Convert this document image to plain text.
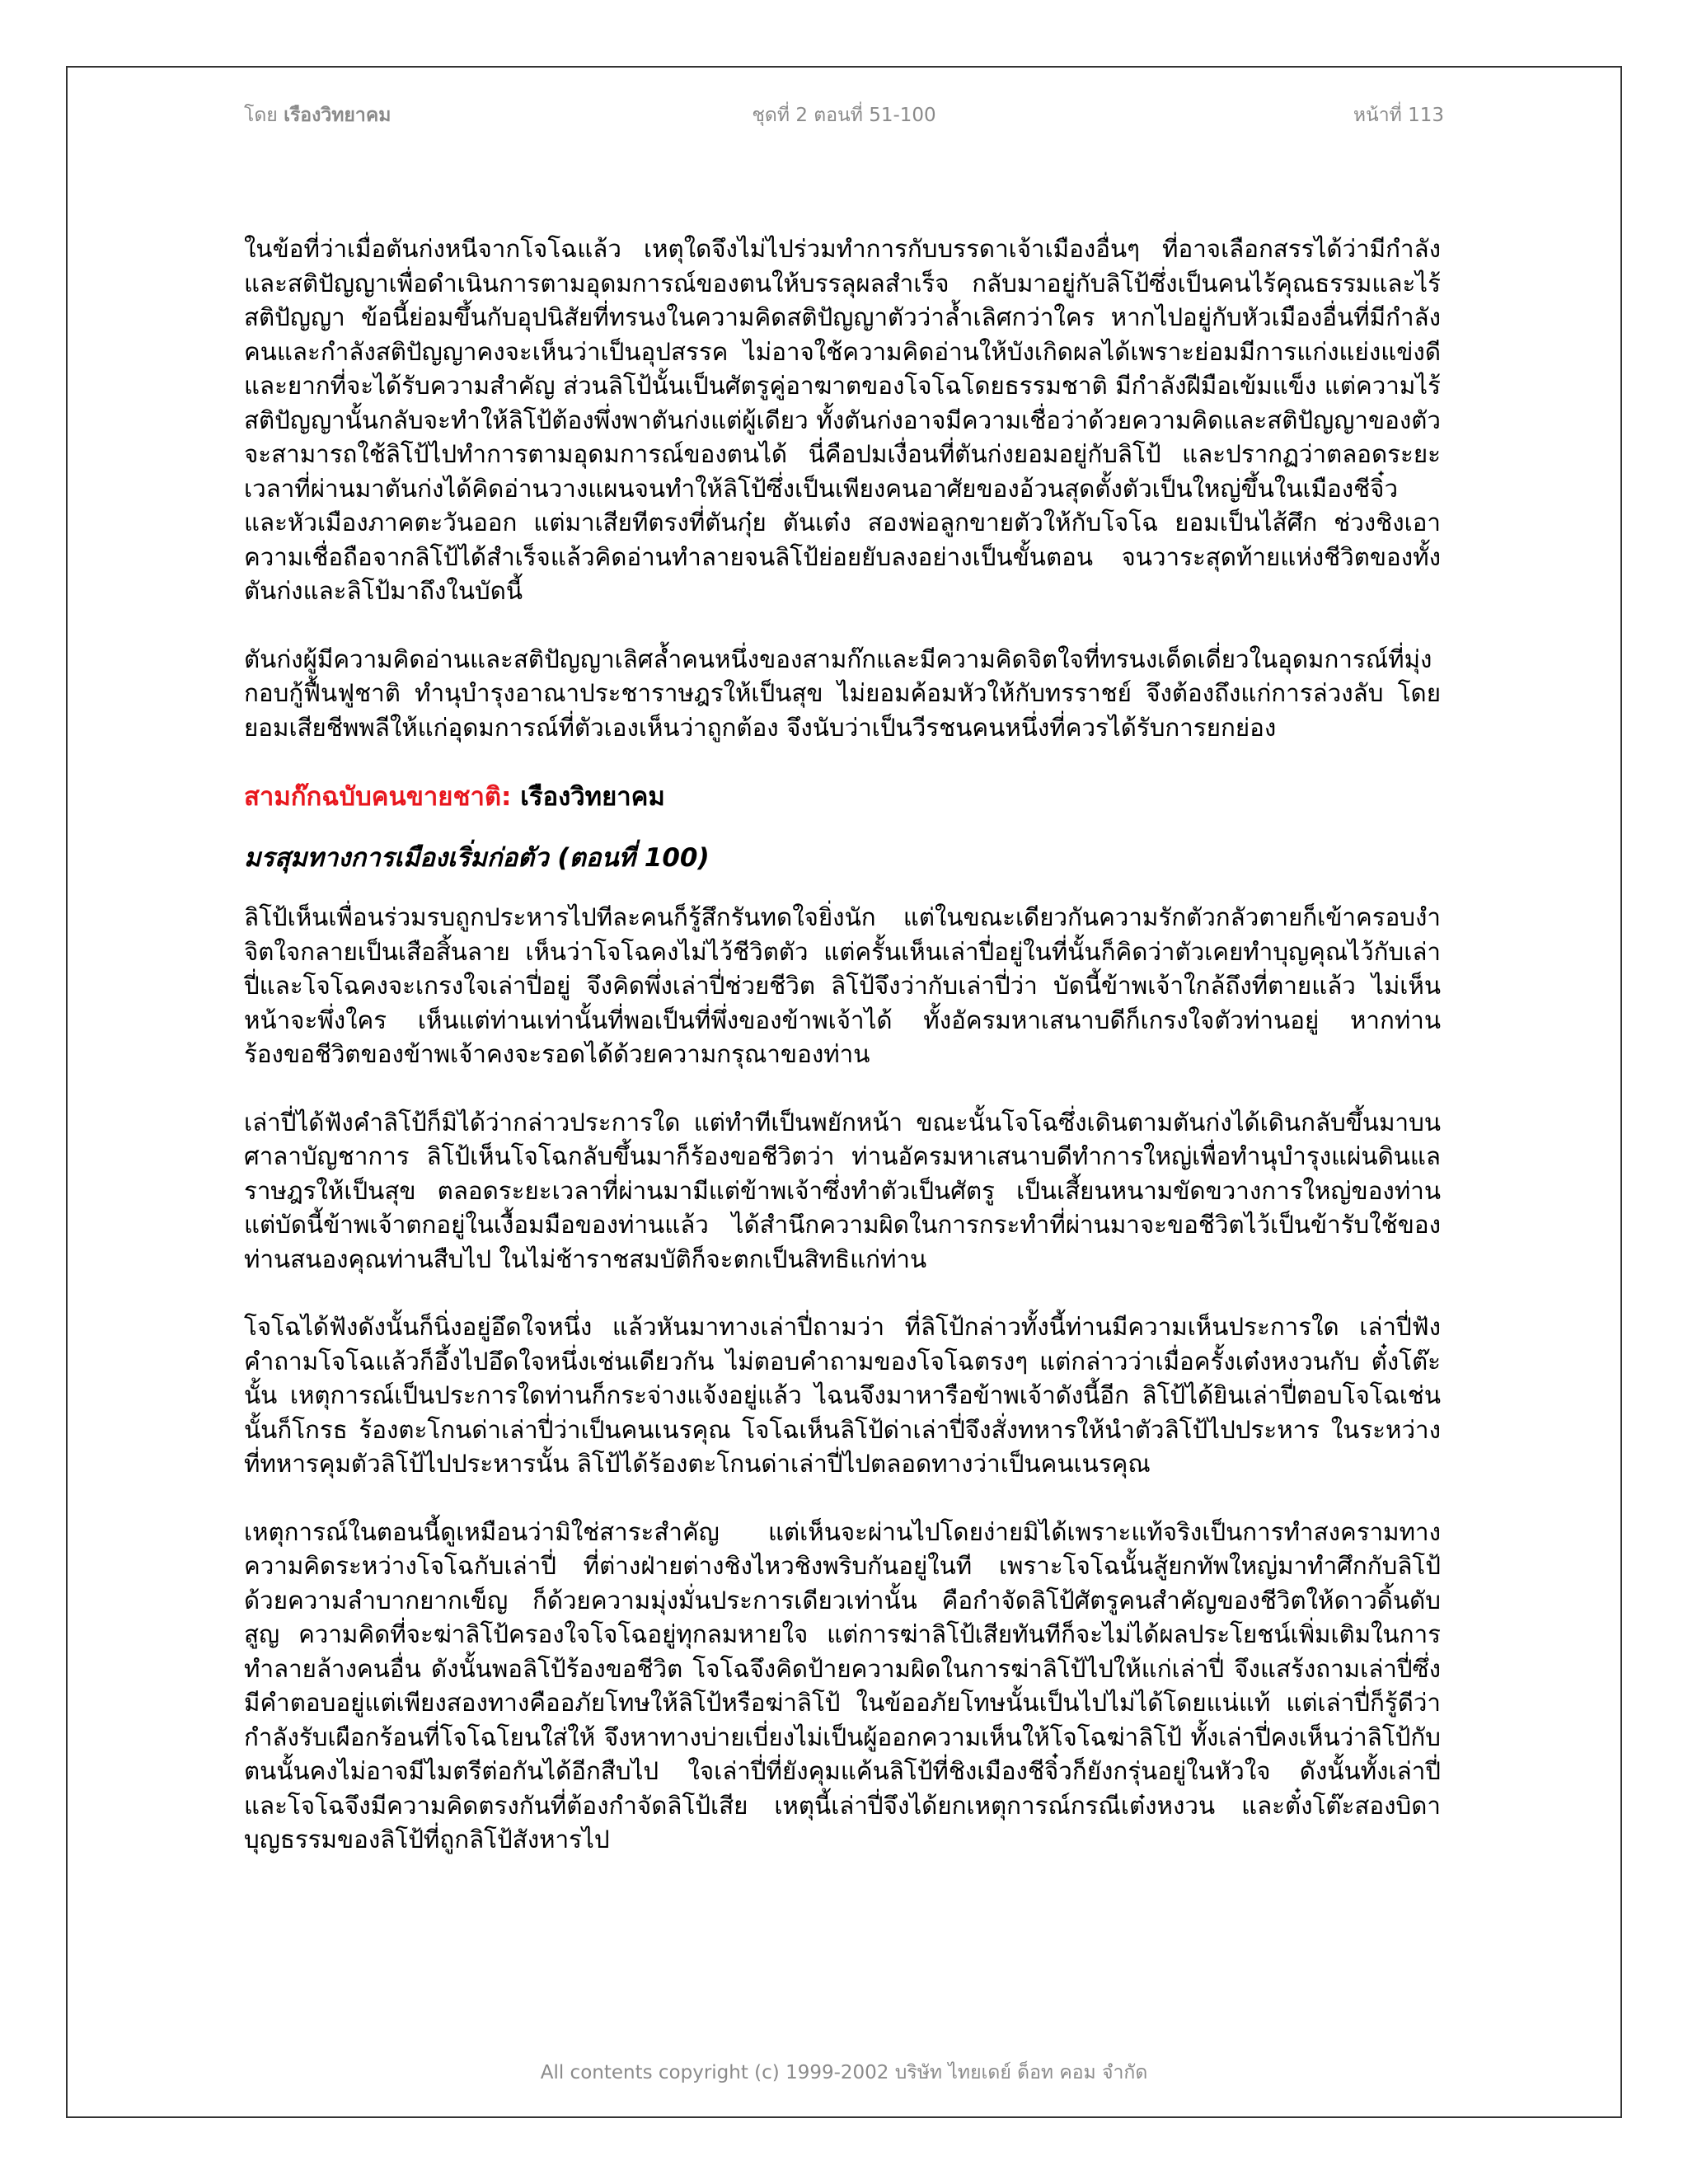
โดย เรืองวิทยาคม	ชุดที่ 2 ตอนที่ 51-100	หน้าที่ 113

ในข้อที่ว่าเมื่อตันก่งหนีจากโจโฉแล้ว เหตุใดจึงไม่ไปร่วมทำการกับบรรดาเจ้าเมืองอื่นๆ ที่อาจเลือกสรรได้ว่ามีกำลังและสติปัญญาเพื่อดำเนินการตามอุดมการณ์ของตนให้บรรลุผลสำเร็จ กลับมาอยู่กับลิโป้ซึ่งเป็นคนไร้คุณธรรมและไร้สติปัญญา ข้อนี้ย่อมขึ้นกับอุปนิสัยที่ทรนงในความคิดสติปัญญาตัวว่าล้ำเลิศกว่าใคร หากไปอยู่กับหัวเมืองอื่นที่มีกำลังคนและกำลังสติปัญญาคงจะเห็นว่าเป็นอุปสรรค ไม่อาจใช้ความคิดอ่านให้บังเกิดผลได้เพราะย่อมมีการแก่งแย่งแข่งดีและยากที่จะได้รับความสำคัญ ส่วนลิโป้นั้นเป็นศัตรูคู่อาฆาตของโจโฉโดยธรรมชาติ มีกำลังฝีมือเข้มแข็ง แต่ความไร้สติปัญญานั้นกลับจะทำให้ลิโป้ต้องพึ่งพาตันก่งแต่ผู้เดียว ทั้งตันก่งอาจมีความเชื่อว่าด้วยความคิดและสติปัญญาของตัวจะสามารถใช้ลิโป้ไปทำการตามอุดมการณ์ของตนได้ นี่คือปมเงื่อนที่ตันก่งยอมอยู่กับลิโป้ และปรากฏว่าตลอดระยะเวลาที่ผ่านมาตันก่งได้คิดอ่านวางแผนจนทำให้ลิโป้ซึ่งเป็นเพียงคนอาศัยของอ้วนสุดตั้งตัวเป็นใหญ่ขึ้นในเมืองชีจิ๋วและหัวเมืองภาคตะวันออก แต่มาเสียทีตรงที่ตันกุ๋ย ตันเต๋ง สองพ่อลูกขายตัวให้กับโจโฉ ยอมเป็นไส้ศึก ช่วงชิงเอาความเชื่อถือจากลิโป้ได้สำเร็จแล้วคิดอ่านทำลายจนลิโป้ย่อยยับลงอย่างเป็นขั้นตอน จนวาระสุดท้ายแห่งชีวิตของทั้งตันก่งและลิโป้มาถึงในบัดนี้

ตันก่งผู้มีความคิดอ่านและสติปัญญาเลิศล้ำคนหนึ่งของสามก๊กและมีความคิดจิตใจที่ทรนงเด็ดเดี่ยวในอุดมการณ์ที่มุ่งกอบกู้ฟื้นฟูชาติ ทำนุบำรุงอาณาประชาราษฎรให้เป็นสุข ไม่ยอมค้อมหัวให้กับทรราชย์ จึงต้องถึงแก่การล่วงลับ โดยยอมเสียชีพพลีให้แก่อุดมการณ์ที่ตัวเองเห็นว่าถูกต้อง จึงนับว่าเป็นวีรชนคนหนึ่งที่ควรได้รับการยกย่อง

สามก๊กฉบับคนขายชาติ: เรืองวิทยาคม
มรสุมทางการเมืองเริ่มก่อตัว (ตอนที่ 100)

ลิโป้เห็นเพื่อนร่วมรบถูกประหารไปทีละคนก็รู้สึกรันทดใจยิ่งนัก แต่ในขณะเดียวกันความรักตัวกลัวตายก็เข้าครอบงำจิตใจกลายเป็นเสือสิ้นลาย เห็นว่าโจโฉคงไม่ไว้ชีวิตตัว แต่ครั้นเห็นเล่าปี่อยู่ในที่นั้นก็คิดว่าตัวเคยทำบุญคุณไว้กับเล่าปี่และโจโฉคงจะเกรงใจเล่าปี่อยู่ จึงคิดพึ่งเล่าปี่ช่วยชีวิต ลิโป้จึงว่ากับเล่าปี่ว่า บัดนี้ข้าพเจ้าใกล้ถึงที่ตายแล้ว ไม่เห็นหน้าจะพึ่งใคร เห็นแต่ท่านเท่านั้นที่พอเป็นที่พึ่งของข้าพเจ้าได้ ทั้งอัครมหาเสนาบดีก็เกรงใจตัวท่านอยู่ หากท่านร้องขอชีวิตของข้าพเจ้าคงจะรอดได้ด้วยความกรุณาของท่าน

เล่าปี่ได้ฟังคำลิโป้ก็มิได้ว่ากล่าวประการใด แต่ทำทีเป็นพยักหน้า ขณะนั้นโจโฉซึ่งเดินตามตันก่งได้เดินกลับขึ้นมาบนศาลาบัญชาการ ลิโป้เห็นโจโฉกลับขึ้นมาก็ร้องขอชีวิตว่า ท่านอัครมหาเสนาบดีทำการใหญ่เพื่อทำนุบำรุงแผ่นดินแลราษฎรให้เป็นสุข ตลอดระยะเวลาที่ผ่านมามีแต่ข้าพเจ้าซึ่งทำตัวเป็นศัตรู เป็นเสี้ยนหนามขัดขวางการใหญ่ของท่าน แต่บัดนี้ข้าพเจ้าตกอยู่ในเงื้อมมือของท่านแล้ว ได้สำนึกความผิดในการกระทำที่ผ่านมาจะขอชีวิตไว้เป็นข้ารับใช้ของท่านสนองคุณท่านสืบไป ในไม่ช้าราชสมบัติก็จะตกเป็นสิทธิแก่ท่าน

โจโฉได้ฟังดังนั้นก็นิ่งอยู่อึดใจหนึ่ง แล้วหันมาทางเล่าปี่ถามว่า ที่ลิโป้กล่าวทั้งนี้ท่านมีความเห็นประการใด เล่าปี่ฟังคำถามโจโฉแล้วก็อึ้งไปอึดใจหนึ่งเช่นเดียวกัน ไม่ตอบคำถามของโจโฉตรงๆ แต่กล่าวว่าเมื่อครั้งเต๋งหงวนกับ ตั๋งโต๊ะนั้น เหตุการณ์เป็นประการใดท่านก็กระจ่างแจ้งอยู่แล้ว ไฉนจึงมาหารือข้าพเจ้าดังนี้อีก ลิโป้ได้ยินเล่าปี่ตอบโจโฉเช่นนั้นก็โกรธ ร้องตะโกนด่าเล่าปี่ว่าเป็นคนเนรคุณ โจโฉเห็นลิโป้ด่าเล่าปี่จึงสั่งทหารให้นำตัวลิโป้ไปประหาร ในระหว่างที่ทหารคุมตัวลิโป้ไปประหารนั้น ลิโป้ได้ร้องตะโกนด่าเล่าปี่ไปตลอดทางว่าเป็นคนเนรคุณ

เหตุการณ์ในตอนนี้ดูเหมือนว่ามิใช่สาระสำคัญ แต่เห็นจะผ่านไปโดยง่ายมิได้เพราะแท้จริงเป็นการทำสงครามทางความคิดระหว่างโจโฉกับเล่าปี่ ที่ต่างฝ่ายต่างชิงไหวชิงพริบกันอยู่ในที เพราะโจโฉนั้นสู้ยกทัพใหญ่มาทำศึกกับลิโป้ด้วยความลำบากยากเข็ญ ก็ด้วยความมุ่งมั่นประการเดียวเท่านั้น คือกำจัดลิโป้ศัตรูคนสำคัญของชีวิตให้ดาวดิ้นดับสูญ ความคิดที่จะฆ่าลิโป้ครองใจโจโฉอยู่ทุกลมหายใจ แต่การฆ่าลิโป้เสียทันทีก็จะไม่ได้ผลประโยชน์เพิ่มเติมในการทำลายล้างคนอื่น ดังนั้นพอลิโป้ร้องขอชีวิต โจโฉจึงคิดป้ายความผิดในการฆ่าลิโป้ไปให้แก่เล่าปี่ จึงแสร้งถามเล่าปี่ซึ่งมีคำตอบอยู่แต่เพียงสองทางคืออภัยโทษให้ลิโป้หรือฆ่าลิโป้ ในข้ออภัยโทษนั้นเป็นไปไม่ได้โดยแน่แท้ แต่เล่าปี่ก็รู้ดีว่ากำลังรับเผือกร้อนที่โจโฉโยนใส่ให้ จึงหาทางบ่ายเบี่ยงไม่เป็นผู้ออกความเห็นให้โจโฉฆ่าลิโป้ ทั้งเล่าปี่คงเห็นว่าลิโป้กับตนนั้นคงไม่อาจมีไมตรีต่อกันได้อีกสืบไป ใจเล่าปี่ที่ยังคุมแค้นลิโป้ที่ชิงเมืองชีจิ๋วก็ยังกรุ่นอยู่ในหัวใจ ดังนั้นทั้งเล่าปี่และโจโฉจึงมีความคิดตรงกันที่ต้องกำจัดลิโป้เสีย เหตุนี้เล่าปี่จึงได้ยกเหตุการณ์กรณีเต๋งหงวน และตั๋งโต๊ะสองบิดาบุญธรรมของลิโป้ที่ถูกลิโป้สังหารไป

All contents copyright (c) 1999-2002 บริษัท ไทยเดย์ ด็อท คอม จำกัด
